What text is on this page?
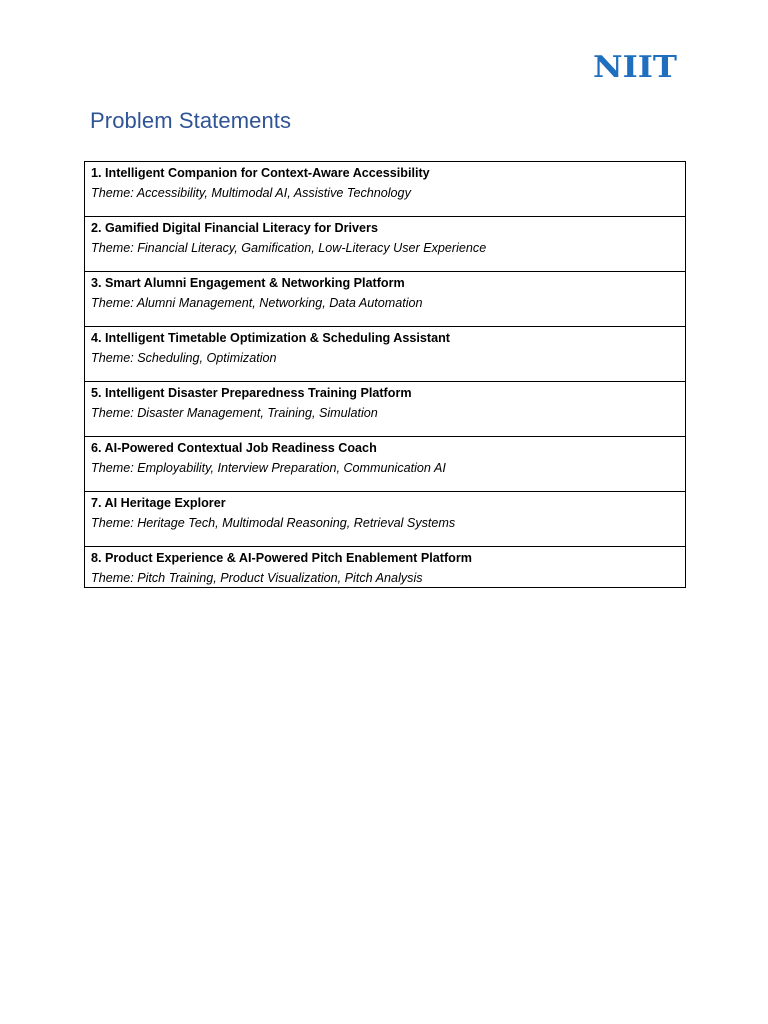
NIIT
Problem Statements
1. Intelligent Companion for Context-Aware Accessibility
Theme: Accessibility, Multimodal AI, Assistive Technology

2. Gamified Digital Financial Literacy for Drivers
Theme: Financial Literacy, Gamification, Low-Literacy User Experience

3. Smart Alumni Engagement & Networking Platform
Theme: Alumni Management, Networking, Data Automation

4. Intelligent Timetable Optimization & Scheduling Assistant
Theme: Scheduling, Optimization

5. Intelligent Disaster Preparedness Training Platform
Theme: Disaster Management, Training, Simulation

6. AI-Powered Contextual Job Readiness Coach
Theme: Employability, Interview Preparation, Communication AI

7. AI Heritage Explorer
Theme: Heritage Tech, Multimodal Reasoning, Retrieval Systems

8. Product Experience & AI-Powered Pitch Enablement Platform
Theme: Pitch Training, Product Visualization, Pitch Analysis
